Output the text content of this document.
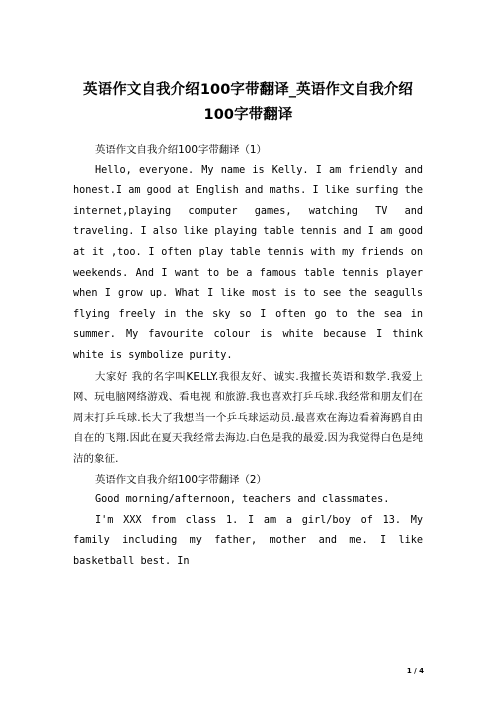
英语作文自我介绍100字带翻译_英语作文自我介绍
100字带翻译

英语作文自我介绍100字带翻译（1）

Hello, everyone. My name is Kelly. I am friendly and honest.I am good at English and maths. I like surfing the internet,playing computer games, watching TV and traveling. I also like playing table tennis and I am good at it ,too. I often play table tennis with my friends on weekends. And I want to be a famous table tennis player when I grow up. What I like most is to see the seagulls flying freely in the sky so I often go to the sea in summer. My favourite colour is white because I think white is symbolize purity.

大家好 我的名字叫KELLY.我很友好、诚实.我擅长英语和数学.我爱上网、玩电脑网络游戏、看电视 和旅游.我也喜欢打乒乓球.我经常和朋友们在周末打乒乓球.长大了我想当一个乒乓球运动员.最喜欢在海边看着海鸥自由自在的飞翔.因此在夏天我经常去海边.白色是我的最爱.因为我觉得白色是纯洁的象征.

英语作文自我介绍100字带翻译（2）

Good morning/afternoon, teachers and classmates.

I'm XXX from class 1. I am a girl/boy of 13. My family including my father, mother and me. I like basketball best. In

1 / 4
